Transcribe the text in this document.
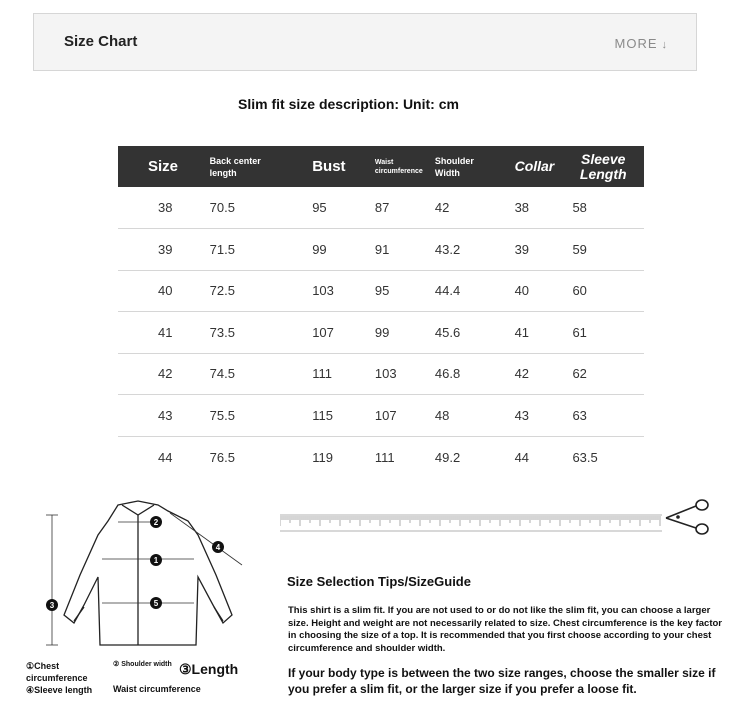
Size Chart	MORE ↓
Slim fit size description: Unit: cm
Size	Back center length	Bust	Waist circumference	Shoulder Width	Collar	Sleeve Length

38	70.5	95	87	42	38	58
39	71.5	99	91	43.2	39	59
40	72.5	103	95	44.4	40	60
41	73.5	107	99	45.6	41	61
42	74.5	111	103	46.8	42	62
43	75.5	115	107	48	43	63
44	76.5	119	111	49.2	44	63.5
2
1
3
4
5
①Chest circumference
② Shoulder width ③Length
④Sleeve length Waist circumference
Size Selection Tips/SizeGuide
This shirt is a slim fit. If you are not used to or do not like the slim fit, you can choose a larger size. Height and weight are not necessarily related to size. Chest circumference is the key factor in choosing the size of a top. It is recommended that you first choose according to your chest circumference and shoulder width.
If your body type is between the two size ranges, choose the smaller size if you prefer a slim fit, or the larger size if you prefer a loose fit.
